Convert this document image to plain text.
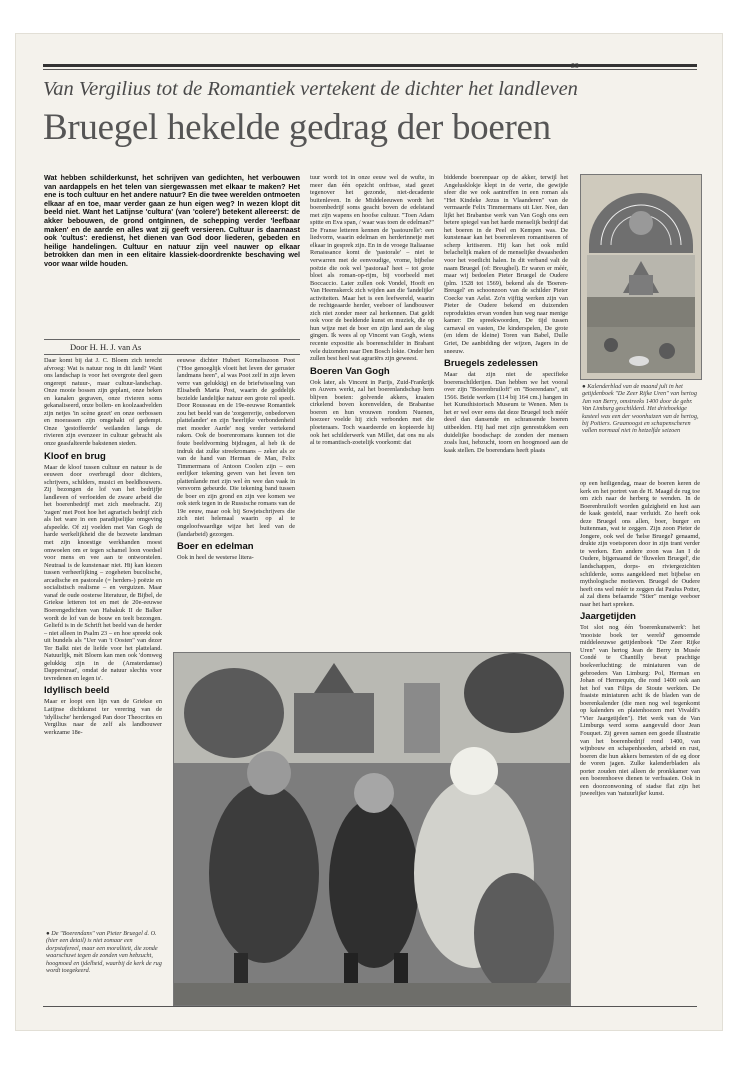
23
Van Vergilius tot de Romantiek vertekent de dichter het landleven
Bruegel hekelde gedrag der boeren
Wat hebben schilderkunst, het schrijven van gedichten, het verbouwen van aardappels en het telen van siergewassen met elkaar te maken? Het ene is toch cultuur en het andere natuur? En die twee werelden ontmoeten elkaar af en toe, maar verder gaan ze hun eigen weg? In wezen klopt dit beeld niet. Want het Latijnse 'cultura' (van 'colere') betekent allereerst: de akker bebouwen, de grond ontginnen, de schepping verder 'leefbaar maken' en de aarde en alles wat zij geeft versieren. Cultuur is daarnaast ook 'cultus': eredienst, het dienen van God door liederen, gebeden en heilige handelingen. Cultuur en natuur zijn veel nauwer op elkaar betrokken dan men in een elitaire klassiek-doordrenkte beschaving wel voor waar wilde houden.
Door H. H. J. van As

Daar komt bij dat J. C. Bloem zich terecht afvroeg: Wat is natuur nog in dit land? Want ons landschap is voor het overgrote deel geen ongerept natuur-, maar cultuur-landschap. Onze mooie bossen zijn geplant, onze beken en kanalen gegraven, onze rivieren soms gekanaliseerd, onze bollen- en koolzaadvelden zijn netjes 'in scène gezet' en onze oerbossen en moerassen zijn omgehakt of gedempt. Onze 'gestoffeerde' weilanden langs de rivieren zijn evenzeer in cultuur gebracht als onze geasfalteerde bakstenen steden.

Kloof en brug

Maar de kloof tussen cultuur en natuur is de eeuwen door overbrugd door dichters, schrijvers, schilders, musici en beeldhouwers. Zij bezongen de lof van het bedrijfje landleven of verfoeiden de zware arbeid die het boerenbedrijf met zich meebracht. Zij 'zagen' met Poot hoe het agrarisch bedrijf zich als het ware in een paradijselijke omgeving afspeelde. Of zij voelden met Van Gogh de harde werkelijkheid die de bezwete landman met zijn knoestige werkhanden moest omwoelen om er tegen schamel loon voedsel voor mens en vee aan te ontworstelen. Neutraal is de kunstenaar niet. Hij kan kiezen tussen verheerlijking – zogeheten bucolische, arcadische en pastorale (= herders-) poëzie en socialistisch realisme – en verguizen. Maar vanaf de oude oosterse literatuur, de Bijbel, de Griekse letteren tot en met de 20e-eeuwse Boerengedichten van Habakuk II de Balker wordt de lof van de bouw en teelt bezongen. Geliefd is in de Schrift het beeld van de herder – niet alleen in Psalm 23 – en hoe spreekt ook uit bundels als "Uer van 't Oosten" van dezer Ter Balkt niet de liefde voor het platteland. Natuurlijk, mèt Bloem kan men ook 'domweg gelukkig zijn in de (Amsterdamse) Dapperstraat', omdat de natuur slechts voor tevredenen en legen is'.

Idyllisch beeld

Maar er loopt een lijn van de Griekse en Latijnse dichtkunst ter verering van de 'idyllische' herdersgod Pan door Theocrites en Vergilius naar de zelf als landbouwer werkzame 18e-

eeuwse dichter Hubert Korneliszoon Poot ("Hoe genoeglijk vloeit het leven der geruster landmans heen", al was Poot zelf in zijn leven verre van gelukkig) en de briefwisseling van Elisabeth Maria Post, waarin de goddelijk bezielde landelijke natuur een grote rol speelt. Door Rousseau en de 19e-eeuwse Romantiek zou het beeld van de 'zorgenvrije, onbedorven plattelander' en zijn 'heerlijke verbondenheid met moeder Aarde' nog verder vertekend raken. Ook de boerenromans kunnen tot die foute beeldvorming bijdragen, al heb ik de indruk dat zulke streekromans – zeker als ze van de hand van Herman de Man, Felix Timmermans of Antoon Coolen zijn – een eerlijker tekening geven van het leven ten plattenlande met zijn wel èn wee dan vaak in versvorm gebeurde. Die tekening band tussen de boer en zijn grond en zijn vee komen we ook sterk tegen in de Russische romans van de 19e eeuw, maar ook bij Sowjetschrijvers die zich niet helemaal waarin op al te ongeloofwaardige wijze het leed van de (landarbeid) gezorgen.

Boer en edelman

Ook in heel de westerse litera-

tuur wordt tot in onze eeuw wel de wufte, in meer dan één opzicht onfrisse, stad gezet tegenover het gezonde, niet-decadente buitenleven. In de Middeleeuwen wordt het boerenbedrijf soms geacht boven de edelstand met zijn wapens en hoofse cultuur. "Toen Adam spitte en Eva span, / waar was toen de edelman?" De Franse letteren kennen de 'pastourelle': een liedvorm, waarin edelman en herderinnetje met elkaar in gesprek zijn. En in de vroege Italiaanse Renaissance komt de 'pastorale' – niet te verwarren met de eenvoudige, vrome, bijbelse poëzie die ook wel 'pastoraal' heet – tot grote bloei als roman-op-rijm, bij voorbeeld met Boccaccio. Later zullen ook Vondel, Hooft en Van Heemskerck zich wijden aan die 'landelijke' activiteiten. Maar het is een leefwereld, waarin de rechtgeaarde herder, veeboer of landbouwer zich niet zonder meer zal herkennen. Dat geldt ook voor de beeldende kunst en muziek, die op hun wijze met de boer en zijn land aan de slag gingen. Ik wees al op Vincent van Gogh, wiens recente expositie als boerenschilder in Brabant vele duizenden naar Den Bosch lokte. Onder hen zullen best heel wat agrariërs zijn geweest.

Boeren Van Gogh

Ook later, als Vincent in Parijs, Zuid-Frankrijk en Auvers werkt, zal het boerenlandschap hem blijven boeien: golvende akkers, kraaien cirkelend boven korenvelden, de Brabantse boeren en hun vrouwen rondom Nuenen, hoezeer voelde hij zich verbonden met die ploeteraars. Toch waardeerde en kopieerde hij ook het schilderwerk van Millet, dat ons nu als al te romantisch-zoetelijk voorkomt: dat

biddende boerenpaar op de akker, terwijl het Angelusklokje klept in de verte, die gewijde sfeer die we ook aantreffen in een roman als "Het Kindeke Jezus in Vlaanderen" van de vermaarde Felix Timmermans uit Lier. Nee, dan lijkt het Brabantse werk van Van Gogh ons een betere spiegel van het harde menselijk bedrijf dat het boeren in de Peel en Kempen was. De kunstenaar kan het boerenleven romantiseren of scherp kritiseren. Hij kan het ook mild belachelijk maken of de menselijke dwaasheden voor het voetlicht halen. In dit verband valt de naam Bruegel (of: Breughel). Er waren er méér, maar wij bedoelen Pieter Bruegel de Oudere (plm. 1528 tot 1569), bekend als de 'Boeren-Breugel' en schoonzoon van de schilder Pieter Coecke van Aelst. Zo'n vijftig werken zijn van Pieter de Oudere bekend en duizenden reprodukties ervan vonden hun weg naar menige kamer: De spreekwoorden, De tijd tussen carnaval en vasten, De kinderspelen, De grote (en idem de kleine) Toren van Babel, Dulle Griet, De aanbidding der wijzen, Jagers in de sneeuw.

Bruegels zedelessen

Maar dat zijn niet de specifieke boerenschilderijen. Dan hebben we het vooral over zijn "Boerenbruiloft" en "Boerendans", uit 1566. Beide werken (114 bij 164 cm.) hangen in het Kunsthistorisch Museum te Wenen. Men is het er wel over eens dat deze Bruegel toch méér deed dan dansende en schransende boeren uitbeelden. Hij had met zijn genrestukken een duidelijke boodschap: de zonden der mensen zoals lust, hebzucht, toorn en hoogmoed aan de kaak stellen. De boerendans heeft plaats

● Kalenderblad van de maand juli in het getijdenboek "De Zeer Rijke Uren" van hertog Jan van Berry, omstreeks 1400 door de gebr. Van Limburg geschilderd. Het driehoekige kasteel was een der woonhuizen van de hertog, bij Poitiers. Graanoogst en schapenscheren vallen normaal niet in hetzelfde seizoen

op een heiligendag, maar de boeren keren de kerk en het portret van de H. Maagd de rug toe om zich naar de herberg te wenden. In de Boerenbruiloft worden gulzigheid en lust aan de kaak gesteld, naar verluidt. Zo heeft ook deze Bruegel ons allen, boer, burger en buitenman, wat te zeggen. Zijn zoon Pieter de Jongere, ook wel de 'helse Bruegel' genaamd, drukte zijn voetsporen door in zijn trant verder te werken. Een andere zoon was Jan I de Oudere, bijgenaamd de 'fluwelen Bruegel', die landschappen, dorps- en riviergezichten schilderde, soms aangekleed met bijbelse en mythologische motieven. Bruegel de Oudere heeft ons wel méér te zeggen dat Paulus Potter, al zal diens befaamde "Stier" menige veeboer naar het hart spreken.

Jaargetijden

Tot slot nog één 'boerenkunstwerk': het 'mooiste boek ter wereld' genoemde middeleeuwse getijdenboek "De Zeer Rijke Uren" van hertog Jean de Berry in Musée Condé te Chantilly bevat prachtige boekverluchting: de miniaturen van de gebroeders Van Limburg: Pol, Herman en Johan of Hermequin, die rond 1400 ook aan het hof van Filips de Stoute werkten. De fraaiste miniaturen acht ik de bladen van de boerenkalender (die men nog wel tegenkomt op kalenders en platenhoezen met Vivaldi's "Vier Jaargetijden"). Het werk van de Van Limburgs werd soms aangevuld door Jean Fouquet. Zij geven samen een goede illustratie van het boerenbedrijf rond 1400, van wijnbouw en schapenhoeden, arbeid en rust, boeren die hun akkers bemesten of de eg door de voren jagen. Zulke kalenderbladen als porter zouden niet alleen de pronkkamer van een boerenhoeve dienen te verfraaien. Ook in een doorzonwoning of stadse flat zijn het juweeltjes van 'natuurlijke' kunst.

● De "Boerendans" van Pieter Bruegel d. O. (hier een detail) is niet zomaar een dorpstafereel, maar een moraliteit, die zonde waarschuwt tegen de zonden van hebzucht, hoogmoed en ijdelheid, waarbij de kerk de rug wordt toegekeerd.
